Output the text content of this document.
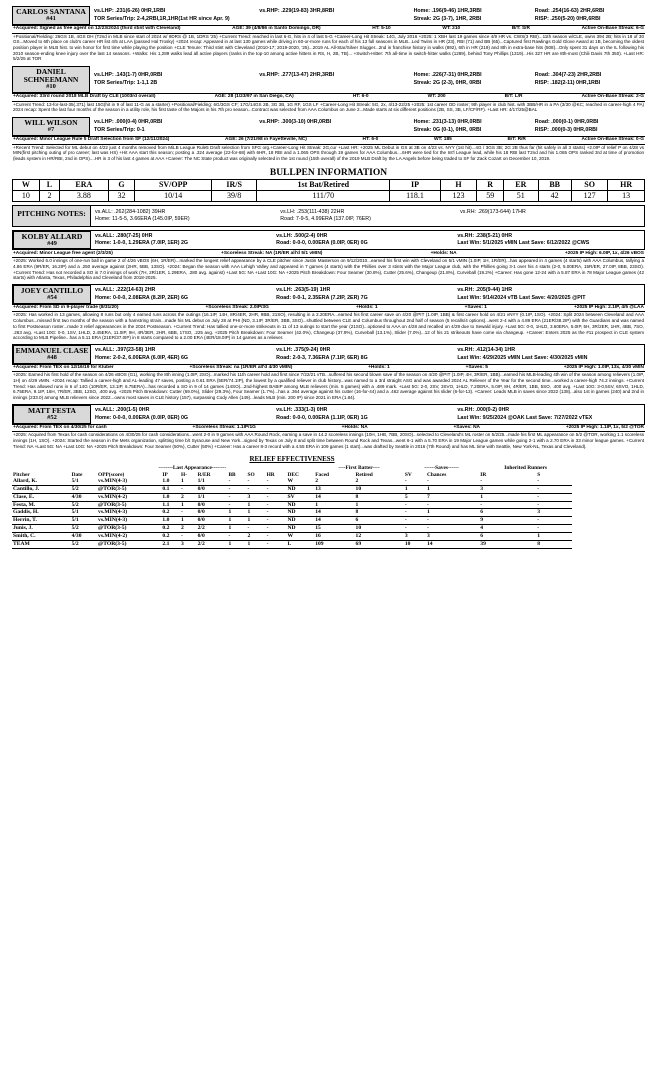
CARLOS SANTANA
#41
vs.LHP: .231(6-26) 0HR,1RBI	vs.RHP: .229(19-83) 3HR,8RBI	Home: .196(9-46) 1HR,3RBI	Road: .254(16-63) 2HR,6RBI
TOR Series/Trip: 2-4,2RBI,1R,1HR(1st HR since Apr. 9)	Streak: 2G (3-7), 1HR, 2RBI	RISP: .250(5-20) 0HR,6RBI
+Acquired: Signed as free agent on 12/23/2024 (third stint with Cleveland)	AGE: 39 (4/8/86 in Santo Domingo, DR)	HT: 5-10	WT: 210	B/T: S/R	Active On-Base Streak: 6-G
+Positional/Fielding: 26GS 1B, 4GS DH (T2nd in MLB since start of 2024 w/ 9DRS @ 1B, 1DRS '25) +Current Trend: reached in last 6-G, hits in 4 of last 5-G +Career-Long Hit Streak: 14G, July 2016 +2025: 1 XBH last 19 games since 4/9 HR vs. CWS(3 RBI)...11th season w/CLE, owns 394 2B; hits in 18 of 30 GS...Moved to 6th place on club's career HR list 4/5 at LAA (passed Hal Trosky) +2024 recap: Appeared in at last 130 games while driving in 60-or-more runs for each of his 13 full seasons in MLB...Led Twins in HR (23), RBI (71) and BB (65)...Captured first Rawlings Gold Glove Award at 1B, becoming the oldest position player in MLB hist. to win honor for first time while playing the position +CLE Tenure: Third stint with Cleveland (2010-17; 2019-2020, '25)...2019 AL All-Star/Silver Slugger...2nd in franchise history in walks (892), 6th in HR (219) and 8th in extra-base hits (508)...Only spent 31 days on the IL following his 2010 season-ending knee injury over the last 14 seasons. +Walks: His 1,289 walks lead all active players (ranks in the top-10 among active hitters in RS, H, 2B, TB)... +Switch-Hitter: 7th all-time in switch-hitter walks (1289), behind Tony Phillips (1319)...His 327 HR are 8th-most (Chili Davis 7th 350). +Last HR: 5/2/25 at TOR
DANIEL SCHNEEMANN
#10
vs.LHP: .143(1-7) 0HR,0RBI	vs.RHP: .277(13-47) 2HR,3RBI	Home: .226(7-31) 0HR,2RBI	Road: .304(7-23) 2HR,2RBI
TOR Series/Trip: 1-1,1 2B	Streak: 2G (2-3), 0HR, 0RBI	RISP: .182(2-11) 0HR,1RBI
+Acquired: 33rd round 2018 MLB Draft by CLE (1003rd overall)	AGE: 28 (1/23/97 in San Diego, CA)	HT: 6-0	WT: 200	B/T: L/R	Active On-Base Streak: 2-G
+Current Trend: 13-for-last-35(.371) last 15G(hit in 9 of last 11-G as a starter) +Positional/Fielding: 6G/3GS CF; 17G/14GS 2B, 3G 3B, 1G RF, 1GS LF +Career-Long Hit Streak: 5G, 2x, 4/13-22/25 +2025: 1st career OD roster; 9th player in club hist. with 3BB/HR in a PA (3/30 @KC; reached in career-high 4 PA) 2024 recap: Spent the last four months of the season in a utility role, his first taste of the Majors in his 7th pro season...Contract was selected from AAA Columbus on June 2...Made starts at six different positions (2B, SS, 3B, LF/CF/RF). +Last HR: 4/17/25@BAL
WILL WILSON
#7
vs.LHP: .000(0-4) 0HR,0RBI	vs.RHP: .300(3-10) 0HR,0RBI	Home: .231(3-13) 0HR,0RBI	Road: .000(0-1) 0HR,0RBI
TOR Series/Trip: 0-1	Streak: 0G (0-1), 0HR, 0RBI	RISP: .000(0-3) 0HR,0RBI
+Acquired: Minor League Rule 5 Draft Selection from SF (12/11/2024)	AGE: 26 (7/21/98 in Fayetteville, NC)	HT: 6-0	WT: 185	B/T: R/R	Active On-Base Streak: 0-G
+Recent Trend: Selected for ML debut on 4/22 just 4 months removed from MiLB League Rule5 Draft selection from SFG org.+Career-Long Hit Streak: 2G,cur +Last HR: +2025 ML Debut in GS at 3B on 4/23 vs. NYY (1st hit)...4G / 3GS 3B; 2G 2B thus far (hit safely in all 3 starts) +2.0IP of relief P on 4/28 vs MIN(first pitching outing of pro career; last was HS) +Hit AAA start this season; posting a .324 average (22-for-68) with 6HR, 18 RBI and a 1.065 OPS through 19 games for AAA Columbus....6HR were tied for the Int'l League lead, while his 18 RBI last T2nd and his 1.065 OPS ranked 3rd at time of promotion (leads system in HR/RBI, 2nd in OPS)....HR in 3 of his last 4 games at AAA +Career: The NC State product was originally selected in the 1st round (15th overall) of the 2019 MLB Draft by the LA Angels before being traded to SF for Zack Cozart on December 10, 2019.
BULLPEN INFORMATION
W	L	ERA	G	SV/OPP	IR/S	1st Bat/Retired	IP	H	R	ER	BB	SO	HR
10	2	3.88	32	10/14	39/8	111/70	118.1	123	59	51	42	127	13
PITCHING NOTES:	vs.ALL: .262(284-1082) 39HR	vs.LH: .253(111-438) 22HR	vs.RH: .269(173-644) 17HR
Home: 11-5-5, 3.66ERA (145.0IP, 59ER)	Road: 7-9-5, 4.99ERA (137.0IP, 76ER)
KOLBY ALLARD
#49
vs.ALL: .280(7-25) 0HR	vs.LH: .500(2-4) 0HR	vs.RH: .238(5-21) 0HR
Home: 1-0-0, 1.29ERA (7.0IP, 1ER) 2G	Road: 0-0-0, 0.00ERA (0.0IP, 0ER) 0G	Last Win: 5/1/2025 vMIN Last Save: 6/12/2022 @CWS
+Acquired: Minor League free agent (2/3/25)	+Scoreless Streak: NA (1R/ER all'd 5/1 vMIN)	+Holds: NA	+2025 IP High: 6.0IP, 1x, 4/26 vBOS
+2025: Worked 6.0 innings of one-run ball in game 2 of 4/26 vBOS (6H, 1R/ER)...marked the longest relief appearance by a CLE pitcher since Justin Masterson on 9/12/2010...earned his first win with Cleveland on 5/1 vMIN (1.0IP, 1H, 1R/ER)...has appeared in 4 games (4 starts) with AAA Columbus, tallying a 4.86 ERA (9R/ER, 16.2IP) and a .250 average against (2HR, 5BB, 13SO). +2024: Began the season with AAA Lehigh Valley and appeared in 7 games (4 starts) with the Phillies over 3 stints with the Major League club, with the Phillies going 3-1 over his 4 starts (2-0, 5.00ERA, 15R/ER, 27.0IP, 8BB, 23SO). +Current Trend: Has not recorded a SO in 7.0 innings of work (7H, 2R/1ER, 1.29ERA, .280 avg. against) +Last 5G: NA +Last 10G: NA +2025 Pitch Breakdown: Four Seamer (30.8%), Cutter (25.6%), Changeup (21.8%), Curveball (19.2%) +Career: Has gone 12-24 with a 5.87 ERA in 78 Major League games (42 starts) with Atlanta, Texas, Philadelphia and Cleveland from 2018-2025.
JOEY CANTILLO
#54
vs.ALL: .222(14-63) 2HR	vs.LH: .263(5-19) 1HR	vs.RH: .205(9-44) 1HR
Home: 0-0-0, 2.08ERA (8.2IP, 2ER) 6G	Road: 0-0-1, 2.35ERA (7.2IP, 2ER) 7G	Last Win: 9/14/2024 vTB Last Save: 4/20/2025 @PIT
+Acquired: From SD in 9-player trade (8/31/20)	+Scoreless Streak: 2.0IP/3G	+Holds: 1	+Saves: 1	+2025 IP High: 2.1IP, 4/5 @LAA
+2025: Has worked in 13 games, allowing 8 runs but only 4 earned runs across the outings (16.1IP, 14H, 8R/4ER, 2HR, 9BB, 21SO), resulting in a 2.20ERA...earned his first career save on 4/20 @PIT (1.0IP, 1BB) & first career hold on 4/21 vNYY (0.1IP, 1SO). +2024: Split 2024 between Cleveland and AAA Columbus...missed first two months of the season with a hamstring strain...made his ML debut on July 28 at PHI (ND, 3.1IP, 3R/ER, 3BB, 3SO)...shuttled between CLE and Columbus throughout 2nd half of season (5 recalls/4 options)...went 2-4 with a 4.89 ERA (21ER/38.2IP) with the Guardians and was named to first Postseason roster...made 3 relief appearances in the 2024 Postseason. +Current Trend: Has tallied one-or-more strikeouts in 11 of 13 outings to start the year (21SO)...optioned to AAA on 4/28 and recalled on 4/29 due to Sewald injury. +Last 5G: 0-0, 1HLD, 3.60ERA, 5.0IP, 5H, 3R/2ER, 1HR, 4BB, 7SO, .263 avg. +Last 10G: 0-0, 1SV, 1HLD, 2.45ERA, 11.0IP, 9H, 4R/3ER, 2HR, 6BB, 17SO, .225 avg. +2025 Pitch Breakdown: Four Seamer (42.0%), Changeup (37.9%), Curveball (13.1%), Slider (7.0%)...12 of his 21 strikeouts have come via changeup. +Career: Enters 2025 as the #11 prospect in CLE system according to MLB Pipeline...has a 5.11 ERA (21ER/37.0IP) in 8 starts compared to a 2.00 ERA (4ER/18.0IP) in 14 games as a reliever.
EMMANUEL CLASE
#48
vs.ALL: .397(23-58) 1HR	vs.LH: .375(9-24) 0HR	vs.RH: .412(14-34) 1HR
Home: 2-0-2, 6.00ERA (6.0IP, 4ER) 6G	Road: 2-0-3, 7.36ERA (7.1IP, 6ER) 8G	Last Win: 4/29/2025 vMIN Last Save: 4/30/2025 vMIN
+Acquired: From TEX on 12/16/19 for Kluber	+Scoreless Streak: na (1R/ER all'd 4/30 vMIN)	+Holds: 1	+Saves: 5	+2025 IP High: 1.0IP, 13x, 4/30 vMIN
+2025: Earned his first hold of the season on 4/26 vBOS (G1), working the 8th inning (1.0IP, 2SO)...marked his 11th career hold and first since 7/22/21 vTB...suffered his second blown save of the season on 4/20 @PIT (1.0IP, 4H, 3R/ER, 1BB)...earned his MLB-leading 4th win of the season among relievers (1.0IP, 1H) on 4/29 vMIN. +2024 recap: Tallied a career-high and AL-leading 47 saves, posting a 0.61 ERA (5ER/74.1IP), the lowest by a qualified reliever in club history...was named to a 3rd straight ASG and was awarded 2024 AL Reliever of the Year for the second time...worked a career-high 74.2 innings. +Current Trend: Has allowed runs in 6 of 14G (10R/ER, 13.1IP, 6.75ERA)...has recorded a SO in 9 of 14 games (14SO)...2nd-highest BABIP among MLB relievers (min. 5 games) with a .489 mark. +Last 5G: 2-0, 2SV, 3SVO, 1HLD, 7.20ERA, 5.0IP, 8H, 4R/ER, 1BB, 5SO, .400 avg. +Last 10G: 3-0,5SV, 6SVO, 1HLD, 6.75ERA, 9.1IP, 16H, 7R/ER, 3BB, 12SO, .400 avg. +2025 Pitch Breakdown: Cutter (69.0%), Slider (29.3%), Four Seamer (1.7%)...has a .364 average against his cutter (16-for-44) and a .462 average against his slider (6-for-13). +Career: Leads MLB in saves since 2022 (138)...also 1st in games (240) and 2nd in innings (233.0) among MLB relievers since 2022...owns most saves in CLE history (157), surpassing Cody Allen (149)...leads MLB (min. 200 IP) since 2021 in ERA (1.84).
MATT FESTA
#52
vs.ALL: .200(1-5) 0HR	vs.LH: .333(1-3) 0HR	vs.RH: .000(0-2) 0HR
Home: 0-0-0, 0.00ERA (0.0IP, 0ER) 0G	Road: 0-0-0, 0.00ERA (1.1IP, 0ER) 1G	Last Win: 9/25/2024 @OAK Last Save: 7/27/2022 vTEX
+Acquired: From TEX on 4/30/25 for cash	+Scoreless Streak: 1.1IP/1G	+Holds: NA	+Saves: NA	+2025 IP High: 1.1IP, 1x, 5/2 @TOR
+2025: Acquired from Texas for cash considerations on 4/30/25 for cash considerations...went 2-0 in 9 games with AAA Round Rock, earning a save in 14.2 scoreless innings (10H, 1HB, 7BB, 20SO)...selected to Cleveland's ML roster on 5/2/25...made his first ML appearance on 5/2 @TOR, working 1.1 scoreless innings (1H, 1SO). +2024: Started the season in the Mets organization, splitting time b/t Syracuse and New York...signed by Texas on July 8 and split time between Round Rock and Texas...went 6-1 with a 5.70 ERA in 19 Major League games while going 2-1 with a 2.70 ERA in 33 minor league games. +Current Trend: NA +Last 5G: NA +Last 10G: NA +2025 Pitch Breakdown: Four Seamer (50%), Cutter (50%) +Career: Has a career 8-3 record with a 4.55 ERA in 109 games (1 start)...was drafted by Seattle in 2016 (7th Round) and has ML time with Seattle, New York-NL, Texas and Cleveland).
RELIEF EFFECTIVENESS
	--------Last Appearance--------									----First Batter----		------Saves------		Inherited Runners	
Pitcher	Date	OPP(score)	IP	H-	R/ER	BB	SO	HR	DEC	Faced	Retired	SV	Chances	IR	S
Allard, K.	5/1	vs.MIN(4-3)	1.0	1	1/1	-	-	-	W	2	2	-	-	-	-
Cantillo, J.	5/2	@TOR(3-5)	0.1	-	0/0	-	-	-	ND	13	10	1	1	3	-
Clase, E.	4/30	vs.MIN(4-2)	1.0	2	1/1	-	3	-	SV	14	8	5	7	1	-
Festa, M.	5/2	@TOR(3-5)	1.1	1	0/0	-	1	-	ND	1	1	-	-	-	-
Gaddis, H.	5/1	vs.MIN(4-3)	0.2	-	0/0	1	1	-	ND	14	8	-	1	6	3
Herrin, T.	5/1	vs.MIN(4-3)	1.0	1	0/0	1	1	-	ND	14	6	-	-	9	-
Junis, J.	5/2	@TOR(3-5)	0.2	2	2/2	1	-	-	ND	15	10	-	-	4	-
Smith, C.	4/30	vs.MIN(4-2)	0.2	-	0/0	-	2	-	W	16	12	3	3	6	1
TEAM	5/2	@TOR(3-5)	2.1	3	2/2	1	1	-	L	109	69	10	14	39	8
